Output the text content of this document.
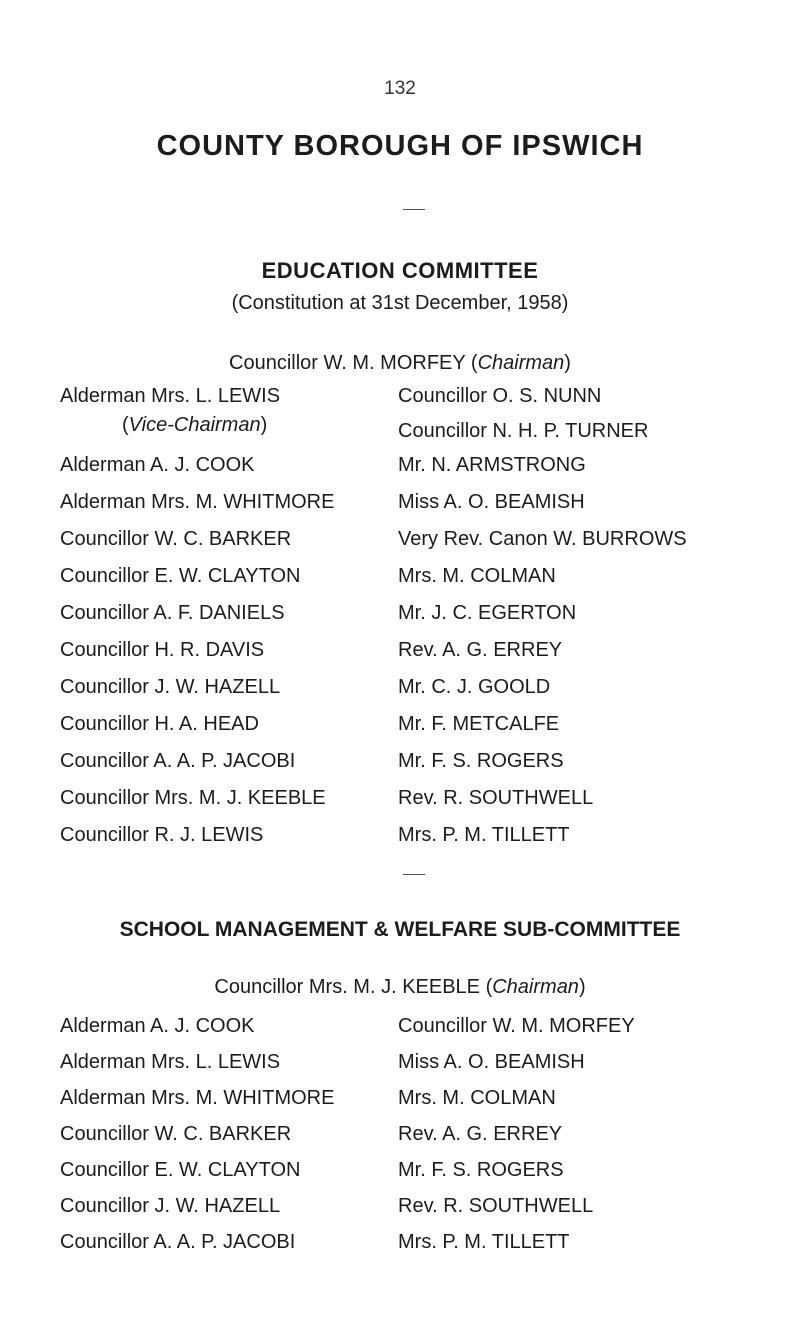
132
COUNTY BOROUGH OF IPSWICH
EDUCATION COMMITTEE
(Constitution at 31st December, 1958)
Councillor W. M. MORFEY (Chairman)
Alderman Mrs. L. LEWIS
(Vice-Chairman)
Alderman A. J. COOK
Alderman Mrs. M. WHITMORE
Councillor W. C. BARKER
Councillor E. W. CLAYTON
Councillor A. F. DANIELS
Councillor H. R. DAVIS
Councillor J. W. HAZELL
Councillor H. A. HEAD
Councillor A. A. P. JACOBI
Councillor Mrs. M. J. KEEBLE
Councillor R. J. LEWIS
Councillor O. S. NUNN
Councillor N. H. P. TURNER
Mr. N. ARMSTRONG
Miss A. O. BEAMISH
Very Rev. Canon W. BURROWS
Mrs. M. COLMAN
Mr. J. C. EGERTON
Rev. A. G. ERREY
Mr. C. J. GOOLD
Mr. F. METCALFE
Mr. F. S. ROGERS
Rev. R. SOUTHWELL
Mrs. P. M. TILLETT
SCHOOL MANAGEMENT & WELFARE SUB-COMMITTEE
Councillor Mrs. M. J. KEEBLE (Chairman)
Alderman A. J. COOK
Alderman Mrs. L. LEWIS
Alderman Mrs. M. WHITMORE
Councillor W. C. BARKER
Councillor E. W. CLAYTON
Councillor J. W. HAZELL
Councillor A. A. P. JACOBI
Councillor W. M. MORFEY
Miss A. O. BEAMISH
Mrs. M. COLMAN
Rev. A. G. ERREY
Mr. F. S. ROGERS
Rev. R. SOUTHWELL
Mrs. P. M. TILLETT
